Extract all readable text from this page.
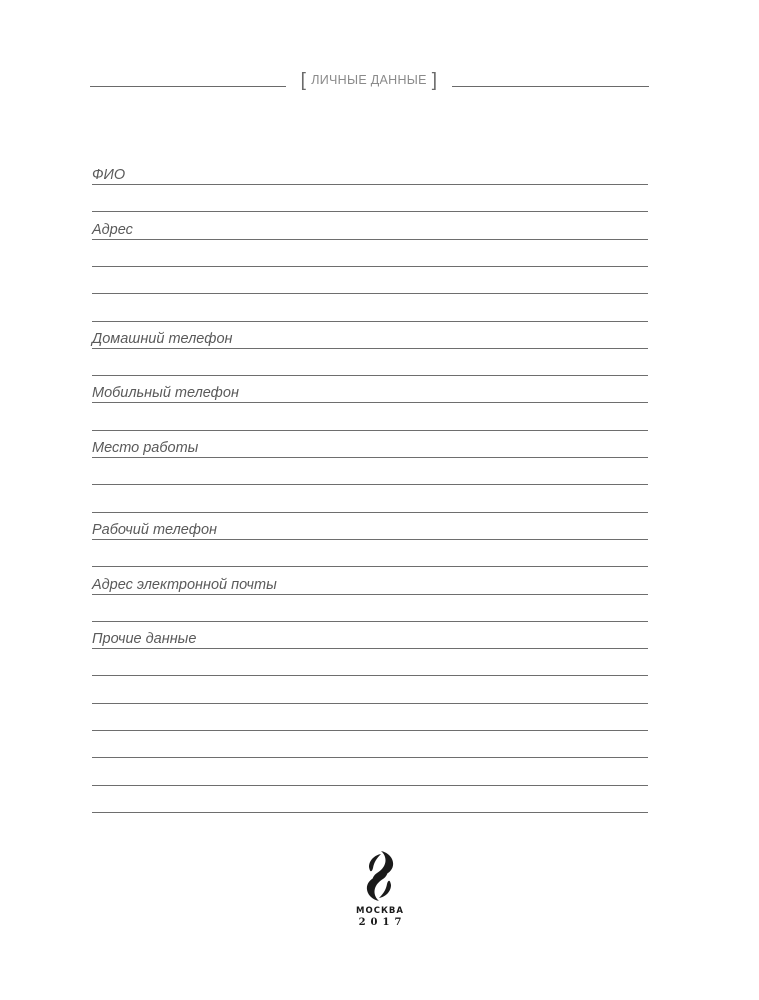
[ ЛИЧНЫЕ ДАННЫЕ ]
ФИО
Адрес
Домашний телефон
Мобильный телефон
Место работы
Рабочий телефон
Адрес электронной почты
Прочие данные
МОСКВА
2017
